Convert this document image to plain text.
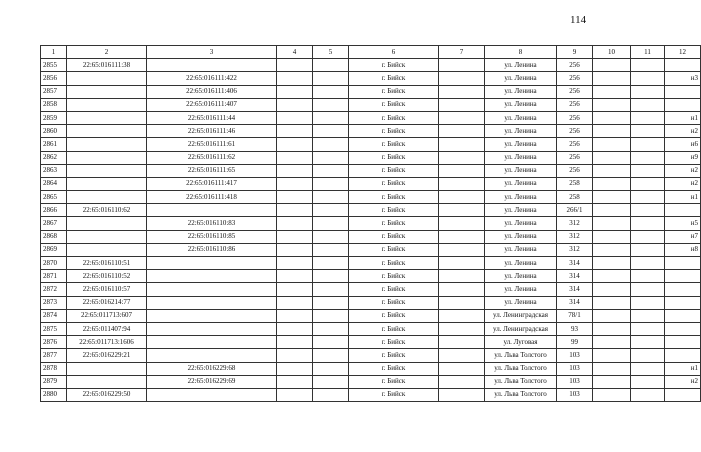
114
1	2	3	4	5	6	7	8	9	10	11	12
2855	22:65:016111:38				г. Бийск		ул. Ленина	256			
2856		22:65:016111:422			г. Бийск		ул. Ленина	256			н3
2857		22:65:016111:406			г. Бийск		ул. Ленина	256			
2858		22:65:016111:407			г. Бийск		ул. Ленина	256			
2859		22:65:016111:44			г. Бийск		ул. Ленина	256			н1
2860		22:65:016111:46			г. Бийск		ул. Ленина	256			н2
2861		22:65:016111:61			г. Бийск		ул. Ленина	256			н6
2862		22:65:016111:62			г. Бийск		ул. Ленина	256			н9
2863		22:65:016111:65			г. Бийск		ул. Ленина	256			н2
2864		22:65:016111:417			г. Бийск		ул. Ленина	258			н2
2865		22:65:016111:418			г. Бийск		ул. Ленина	258			н1
2866	22:65:016110:62				г. Бийск		ул. Ленина	266/1			
2867		22:65:016110:83			г. Бийск		ул. Ленина	312			н5
2868		22:65:016110:85			г. Бийск		ул. Ленина	312			н7
2869		22:65:016110:86			г. Бийск		ул. Ленина	312			н8
2870	22:65:016110:51				г. Бийск		ул. Ленина	314			
2871	22:65:016110:52				г. Бийск		ул. Ленина	314			
2872	22:65:016110:57				г. Бийск		ул. Ленина	314			
2873	22:65:016214:77				г. Бийск		ул. Ленина	314			
2874	22:65:011713:607				г. Бийск		ул. Ленинградская	78/1			
2875	22:65:011407:94				г. Бийск		ул. Ленинградская	93			
2876	22:65:011713:1606				г. Бийск		ул. Луговая	99			
2877	22:65:016229:21				г. Бийск		ул. Льва Толстого	103			
2878		22:65:016229:68			г. Бийск		ул. Льва Толстого	103			н1
2879		22:65:016229:69			г. Бийск		ул. Льва Толстого	103			н2
2880	22:65:016229:50				г. Бийск		ул. Льва Толстого	103			
